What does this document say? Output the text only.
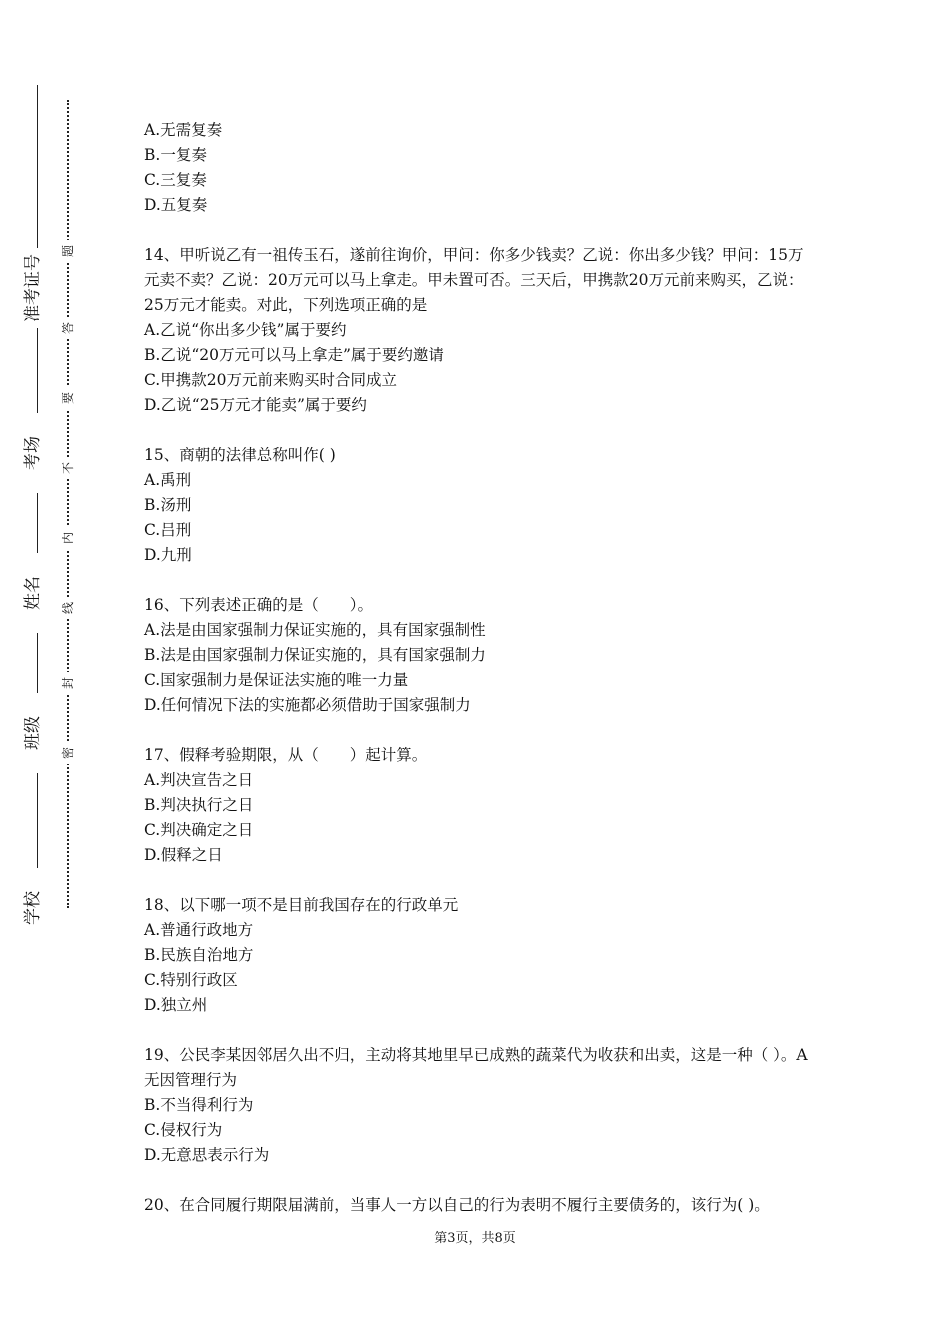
学校
班级
姓名
考场
准考证号
密
封
线
内
不
要
答
题

A.无需复奏

B.一复奏

C.三复奏

D.五复奏

14、甲听说乙有一祖传玉石，遂前往询价，甲问：你多少钱卖？乙说：你出多少钱？甲问：15万元卖不卖？乙说：20万元可以马上拿走。甲未置可否。三天后，甲携款20万元前来购买，乙说：25万元才能卖。对此，下列选项正确的是

A.乙说“你出多少钱”属于要约

B.乙说“20万元可以马上拿走”属于要约邀请

C.甲携款20万元前来购买时合同成立

D.乙说“25万元才能卖”属于要约

15、商朝的法律总称叫作( )

A.禹刑

B.汤刑

C.吕刑

D.九刑

16、下列表述正确的是（　　）。

A.法是由国家强制力保证实施的，具有国家强制性

B.法是由国家强制力保证实施的，具有国家强制力

C.国家强制力是保证法实施的唯一力量

D.任何情况下法的实施都必须借助于国家强制力

17、假释考验期限，从（　　）起计算。

A.判决宣告之日

B.判决执行之日

C.判决确定之日

D.假释之日

18、以下哪一项不是目前我国存在的行政单元

A.普通行政地方

B.民族自治地方

C.特别行政区

D.独立州

19、公民李某因邻居久出不归，主动将其地里早已成熟的蔬菜代为收获和出卖，这是一种（ ）。A无因管理行为

B.不当得利行为

C.侵权行为

D.无意思表示行为

20、在合同履行期限届满前，当事人一方以自己的行为表明不履行主要债务的，该行为( )。

第3页，共8页
